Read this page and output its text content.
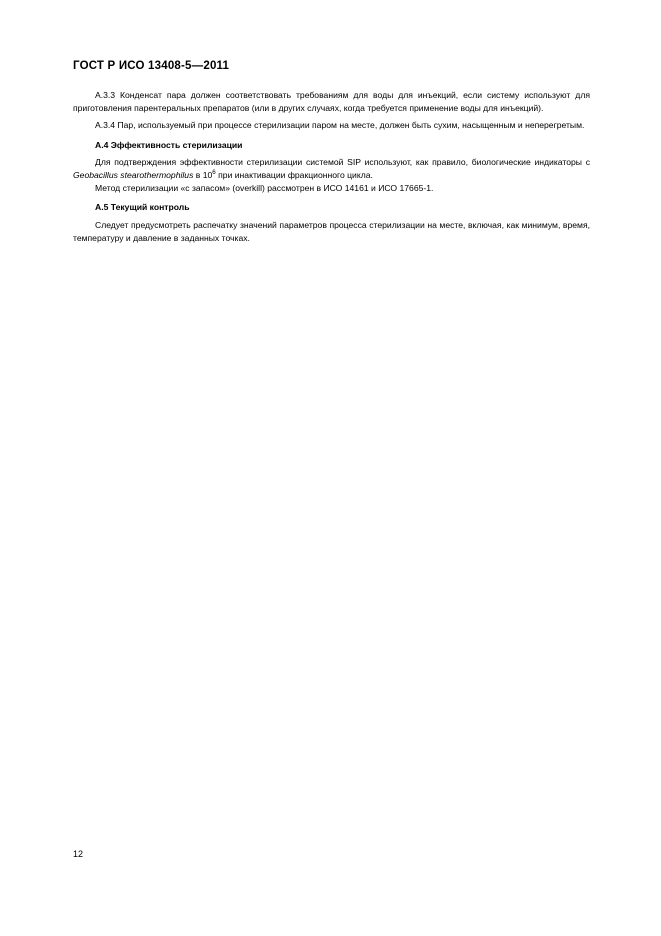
ГОСТ Р ИСО 13408-5—2011

А.3.3 Конденсат пара должен соответствовать требованиям для воды для инъекций, если систему используют для приготовления парентеральных препаратов (или в других случаях, когда требуется применение воды для инъекций).

А.3.4 Пар, используемый при процессе стерилизации паром на месте, должен быть сухим, насыщенным и неперегретым.

А.4 Эффективность стерилизации

Для подтверждения эффективности стерилизации системой SIP используют, как правило, биологические индикаторы с Geobacillus stearothermophilus в $10^6$ при инактивации фракционного цикла.

Метод стерилизации «с запасом» (overkill) рассмотрен в ИСО 14161 и ИСО 17665-1.

А.5 Текущий контроль

Следует предусмотреть распечатку значений параметров процесса стерилизации на месте, включая, как минимум, время, температуру и давление в заданных точках.

12
